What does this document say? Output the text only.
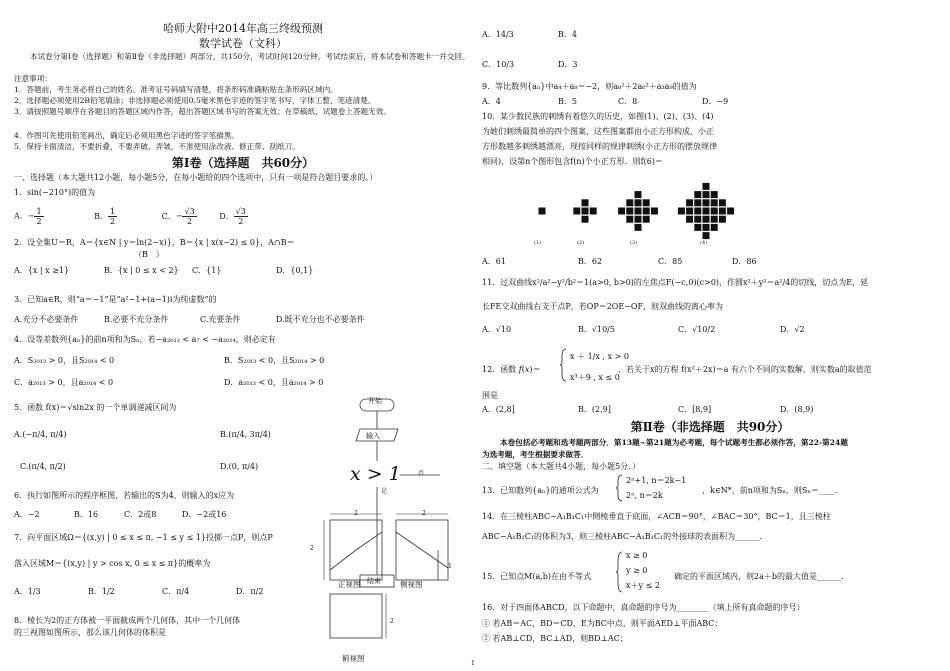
哈师大附中2014年高三终级预测
数学试卷（文科）
本试卷分第Ⅰ卷（选择题）和第Ⅱ卷（非选择题）两部分，共150分，考试时间120分钟。考试结束后，将本试卷和答题卡一并交回。
注意事项：
1．答题前，考生务必将自己的姓名、准考证号码填写清楚，将条形码准确粘贴在条形码区域内。
2．选择题必须使用2B铅笔填涂；非选择题必须使用0.5毫米黑色字迹的签字笔书写，字体工整、笔迹清楚。
3．请按照题号顺序在各题目的答题区域内作答，超出答题区域书写的答案无效；在草稿纸、试题卷上答题无效。
4．作图可先使用铅笔画出，确定后必须用黑色字迹的签字笔描黑。
5．保持卡面清洁，不要折叠，不要弄破、弄皱，不准使用涂改液、修正带、刮纸刀。
第Ⅰ卷（选择题　共60分）
一、选择题（本大题共12小题，每小题5分，在每小题给的四个选项中，只有一项是符合题目要求的。）
1．sin(−210°)的值为
A．− $\frac{1}{2}$	B． $\frac{1}{2}$	C．− $\frac{√3}{2}$	D． $\frac{√3}{2}$
2．设全集U＝R，A＝{x∈N | y＝ln(2−x)}，B＝{x | x(x−2) ≤ 0}，A∩B＝
（B　）
A．{x | x ≥1}	B．{x | 0 ≤ x < 2} C．{1}	D．{0,1}
3．已知a∈R，则“a＝−1”是“a²−1+(a−1)i为纯虚数”的
A.充分不必要条件	B.必要不充分条件	C.充要条件	D.既不充分也不必要条件
4．设等差数列{aₙ}的前n项和为Sₙ，若−a₂₀₁₃ < a₇ < −a₂₀₁₄，则必定有
A．S₂₀₁₃ > 0，且S₂₀₁₄ < 0	B．S₂₀₁₃ < 0，且S₂₀₁₄ > 0
C．a₂₀₁₃ > 0，且a₂₀₁₄ < 0	D．a₂₀₁₃ < 0，且a₂₀₁₄ > 0
5．函数 f(x)＝√sin2x 的一个单调递减区间为
A.(−π/4, π/4)	B.(π/4, 3π/4)
C.(π/4, π/2)	D.(0, π/4)
6．执行如图所示的程序框图，若输出的S为4，则输入的x应为
A．−2	B．16	C．2或8	D．−2或16
7．向平面区域Ω＝{(x,y) | 0 ≤ x ≤ π, −1 ≤ y ≤ 1}投掷一点P，则点P
落入区域M＝{(x,y) | y > cos x, 0 ≤ x ≤ π}的概率为
A．1/3	B．1/2	C．π/4	D．π/2
8．棱长为2的正方体被一平面截成两个几何体，其中一个几何体
的三视图如图所示，那么该几何体的体积是
开始
输入
x > 1	否
是
结束
2
2
2
1
2
正视图	侧视图
俯视图
A．14/3	B．4
C．10/3	D．3
9．等比数列{aₙ}中a₄＋a₈＝−2，则a₆²＋2a₆²＋a₃a₉的值为
A．4	B．5	C．8	D．−9
10．某少数民族的刺绣有着悠久的历史，如图(1)、(2)、(3)、(4)
为她们刺绣最简单的四个图案，这些图案都由小正方形构成，小正
方形数越多刺绣越漂亮，现按同样的规律刺绣(小正方形的摆放规律
相同)，设第n个图形包含f(n)个小正方形．则f(6)＝
(1)	(2)	(3)	(4)
A．61	B．62	C．85	D．86
11．过双曲线x²/a²−y²/b²＝1(a>0, b>0)的左焦点F(−c,0)(c>0)，作圆x²＋y²＝a²/4的切线，切点为E，延
长FE交双曲线右支于点P，若OP＝2OE−OF，则双曲线的离心率为
A．√10	B．√10/5	C．√10/2	D．√2
12．函数 f(x)＝
x ＋ 1/x , x > 0
x³＋9 , x ≤ 0
，若关于x的方程 f(x²＋2x)＝a 有六个不同的实数解，则实数a的取值范
围是
A．(2,8]	B．(2,9]	C．[8,9]	D．(8,9)
第Ⅱ卷（非选择题　共90分）
本卷包括必考题和选考题两部分．第13题~第21题为必考题，每个试题考生都必须作答，第22-第24题
为选考题，考生根据要求做答．
二、填空题（本大题共4小题，每小题5分．）
13．已知数列{aₙ}的通项公式为
2ⁿ+1, n＝2k−1
2ⁿ, n＝2k
，k∈N*，前n项和为Sₙ，则Sₙ＝____．
14．在三棱柱ABC−A₁B₁C₁中侧棱垂直于底面，∠ACB＝90°，∠BAC＝30°，BC＝1，且三棱柱
ABC−A₁B₁C₁的体积为3，则三棱柱ABC−A₁B₁C₁的外接球的表面积为______．
15．已知点M(a,b)在由不等式
x ≥ 0
y ≥ 0
x＋y ≤ 2
确定的平面区域内，则2a＋b的最大值是______．
16．对于四面体ABCD，以下命题中，真命题的序号为________（填上所有真命题的序号）
① 若AB＝AC，BD＝CD，E为BC中点，则平面AED⊥平面ABC；
② 若AB⊥CD，BC⊥AD，则BD⊥AC；
1
